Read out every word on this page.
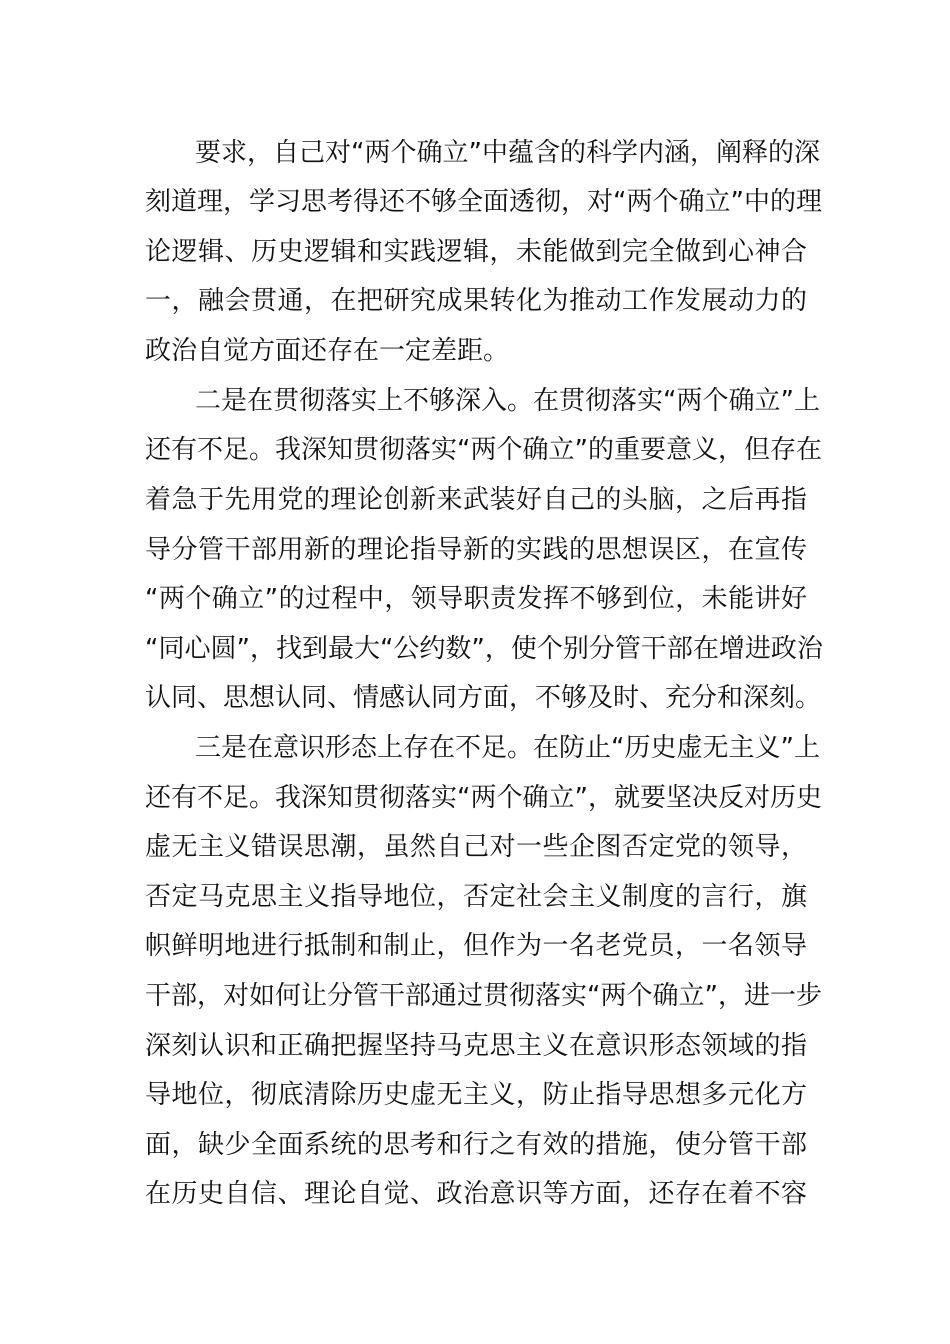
要求，自己对“两个确立”中蕴含的科学内涵，阐释的深
刻道理，学习思考得还不够全面透彻，对“两个确立”中的理
论逻辑、历史逻辑和实践逻辑，未能做到完全做到心神合
一，融会贯通，在把研究成果转化为推动工作发展动力的
政治自觉方面还存在一定差距。
二是在贯彻落实上不够深入。在贯彻落实“两个确立”上
还有不足。我深知贯彻落实“两个确立”的重要意义，但存在
着急于先用党的理论创新来武装好自己的头脑，之后再指
导分管干部用新的理论指导新的实践的思想误区，在宣传
“两个确立”的过程中，领导职责发挥不够到位，未能讲好
“同心圆”，找到最大“公约数”，使个别分管干部在增进政治
认同、思想认同、情感认同方面，不够及时、充分和深刻。
三是在意识形态上存在不足。在防止“历史虚无主义”上
还有不足。我深知贯彻落实“两个确立”，就要坚决反对历史
虚无主义错误思潮，虽然自己对一些企图否定党的领导，
否定马克思主义指导地位，否定社会主义制度的言行，旗
帜鲜明地进行抵制和制止，但作为一名老党员，一名领导
干部，对如何让分管干部通过贯彻落实“两个确立”，进一步
深刻认识和正确把握坚持马克思主义在意识形态领域的指
导地位，彻底清除历史虚无主义，防止指导思想多元化方
面，缺少全面系统的思考和行之有效的措施，使分管干部
在历史自信、理论自觉、政治意识等方面，还存在着不容
